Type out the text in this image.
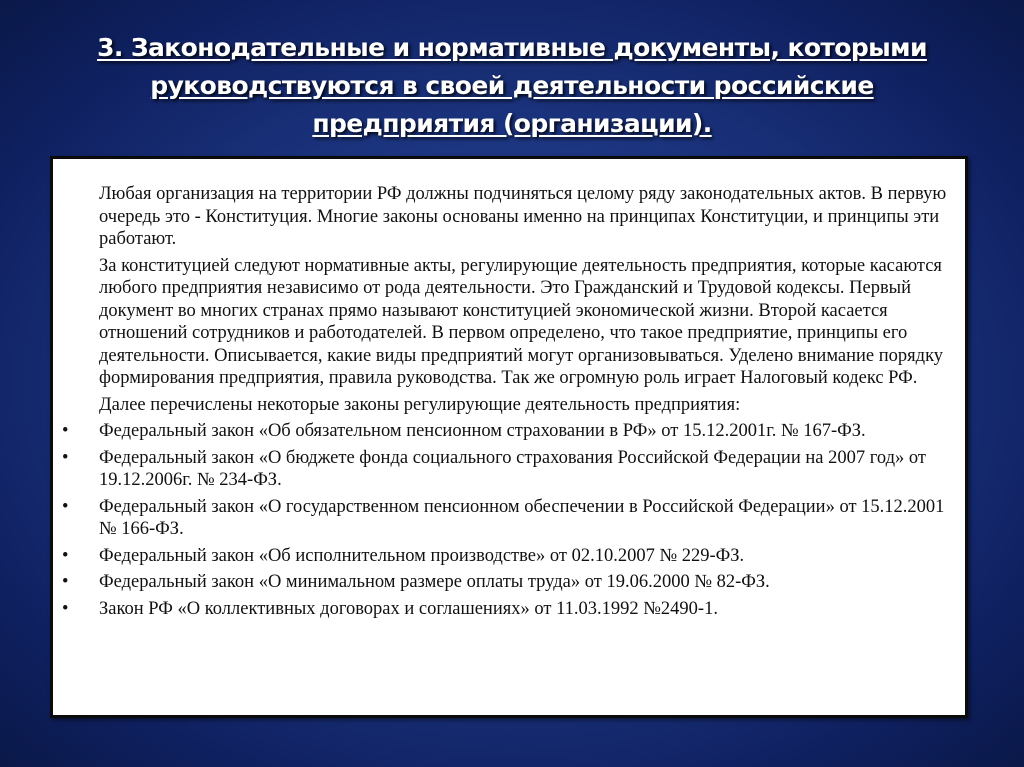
3. Законодательные и нормативные документы, которыми
руководствуются в своей деятельности российские
предприятия (организации).

Любая организация на территории РФ должны подчиняться целому ряду законодательных актов. В первую очередь это - Конституция. Многие законы основаны именно на принципах Конституции, и принципы эти работают.

За конституцией следуют нормативные акты, регулирующие деятельность предприятия, которые касаются любого предприятия независимо от рода деятельности. Это Гражданский и Трудовой кодексы. Первый документ во многих странах прямо называют конституцией экономической жизни. Второй касается отношений сотрудников и работодателей. В первом определено, что такое предприятие, принципы его деятельности. Описывается, какие виды предприятий могут организовываться. Уделено внимание порядку формирования предприятия, правила руководства. Так же огромную роль играет Налоговый кодекс РФ.

Далее перечислены некоторые законы регулирующие деятельность предприятия:

• Федеральный закон «Об обязательном пенсионном страховании в РФ» от 15.12.2001г. № 167-ФЗ.
• Федеральный закон «О бюджете фонда социального страхования Российской Федерации на 2007 год» от 19.12.2006г. № 234-ФЗ.
• Федеральный закон «О государственном пенсионном обеспечении в Российской Федерации» от 15.12.2001 № 166-ФЗ.
• Федеральный закон «Об исполнительном производстве» от 02.10.2007 № 229-ФЗ.
• Федеральный закон «О минимальном размере оплаты труда» от 19.06.2000 № 82-ФЗ.
• Закон РФ «О коллективных договорах и соглашениях» от 11.03.1992 №2490-1.
